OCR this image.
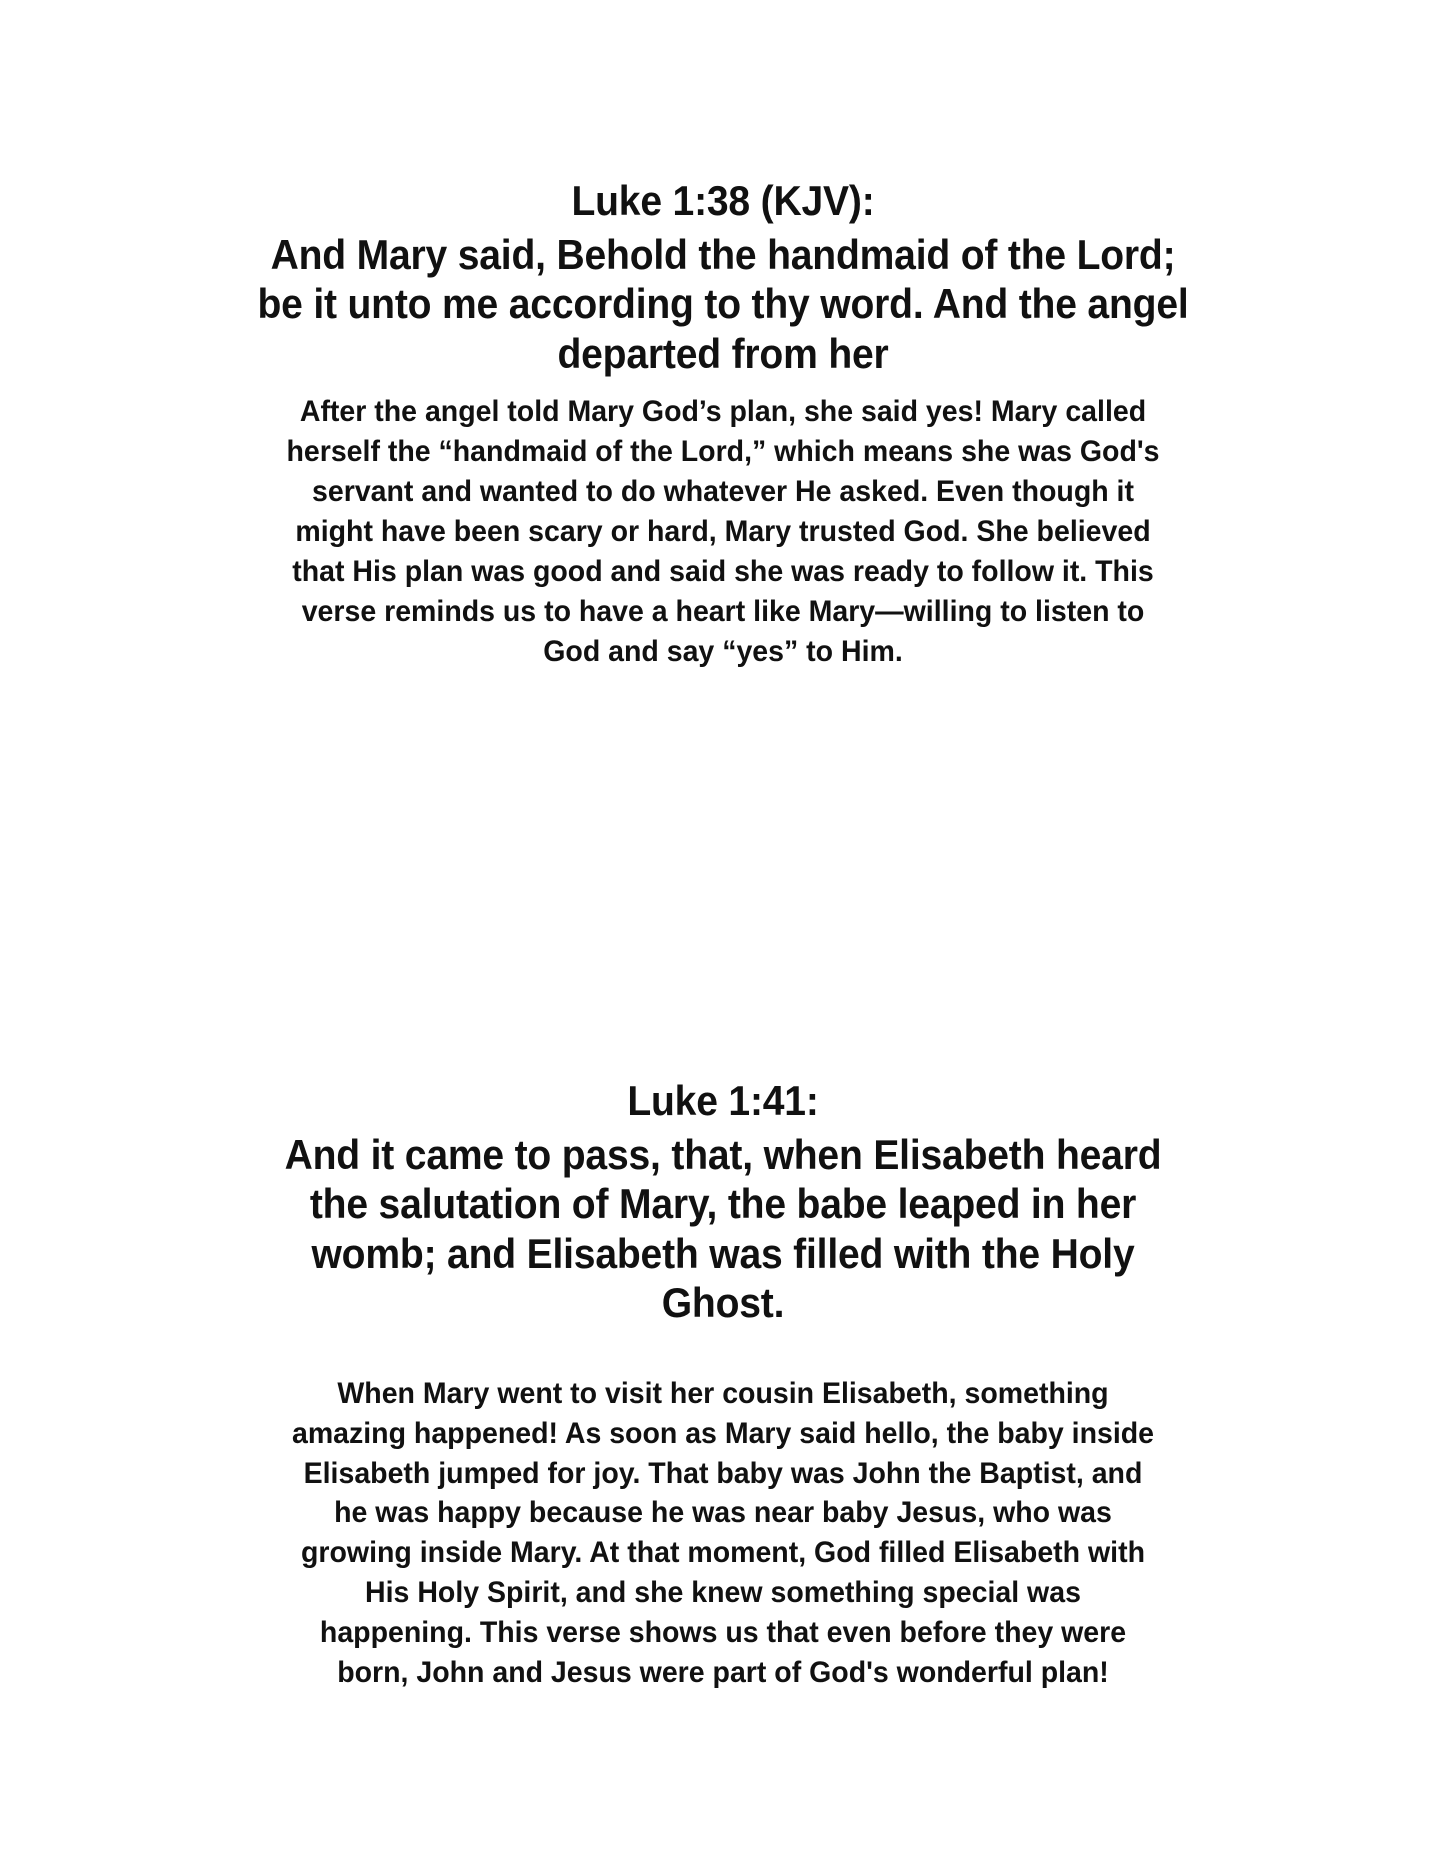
Luke 1:38 (KJV):
And Mary said, Behold the handmaid of the Lord; be it unto me according to thy word. And the angel departed from her

After the angel told Mary God’s plan, she said yes! Mary called herself the “handmaid of the Lord,” which means she was God's servant and wanted to do whatever He asked. Even though it might have been scary or hard, Mary trusted God. She believed that His plan was good and said she was ready to follow it. This verse reminds us to have a heart like Mary—willing to listen to God and say “yes” to Him.

Luke 1:41:
And it came to pass, that, when Elisabeth heard the salutation of Mary, the babe leaped in her womb; and Elisabeth was filled with the Holy Ghost.

When Mary went to visit her cousin Elisabeth, something amazing happened! As soon as Mary said hello, the baby inside Elisabeth jumped for joy. That baby was John the Baptist, and he was happy because he was near baby Jesus, who was growing inside Mary. At that moment, God filled Elisabeth with His Holy Spirit, and she knew something special was happening. This verse shows us that even before they were born, John and Jesus were part of God's wonderful plan!
